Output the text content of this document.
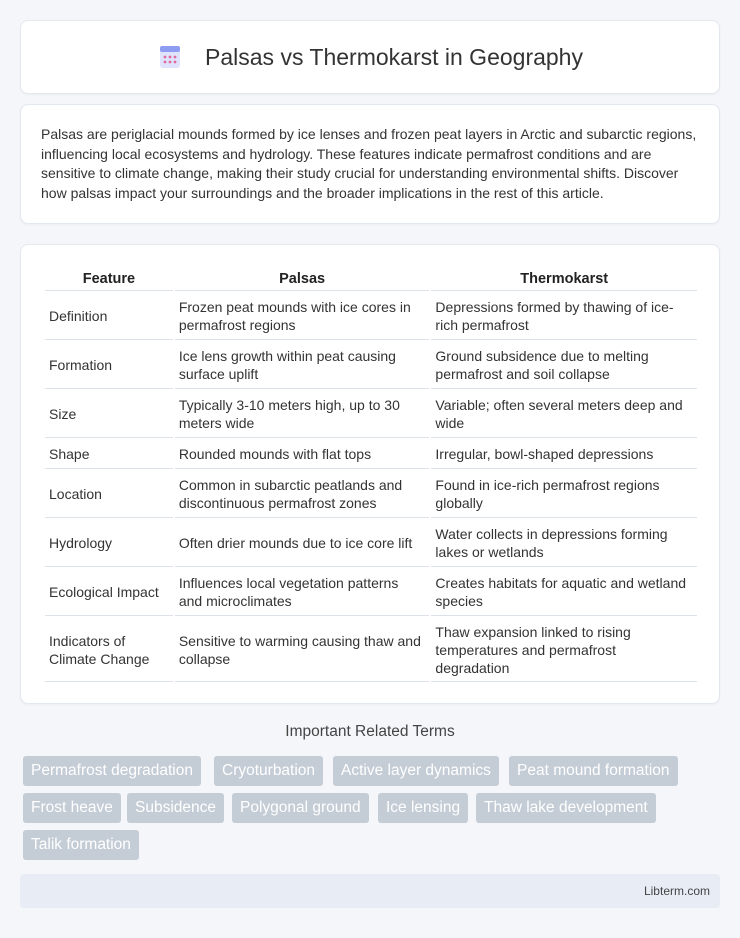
Palsas vs Thermokarst in Geography

Palsas are periglacial mounds formed by ice lenses and frozen peat layers in Arctic and subarctic regions, influencing local ecosystems and hydrology. These features indicate permafrost conditions and are sensitive to climate change, making their study crucial for understanding environmental shifts. Discover how palsas impact your surroundings and the broader implications in the rest of this article.

Feature	Palsas	Thermokarst
Definition	Frozen peat mounds with ice cores in permafrost regions	Depressions formed by thawing of ice-rich permafrost
Formation	Ice lens growth within peat causing surface uplift	Ground subsidence due to melting permafrost and soil collapse
Size	Typically 3-10 meters high, up to 30 meters wide	Variable; often several meters deep and wide
Shape	Rounded mounds with flat tops	Irregular, bowl-shaped depressions
Location	Common in subarctic peatlands and discontinuous permafrost zones	Found in ice-rich permafrost regions globally
Hydrology	Often drier mounds due to ice core lift	Water collects in depressions forming lakes or wetlands
Ecological Impact	Influences local vegetation patterns and microclimates	Creates habitats for aquatic and wetland species
Indicators of Climate Change	Sensitive to warming causing thaw and collapse	Thaw expansion linked to rising temperatures and permafrost degradation
Important Related Terms
Permafrost degradation	Cryoturbation	Active layer dynamics	Peat mound formation
Frost heave	Subsidence	Polygonal ground	Ice lensing	Thaw lake development
Talik formation
Libterm.com
